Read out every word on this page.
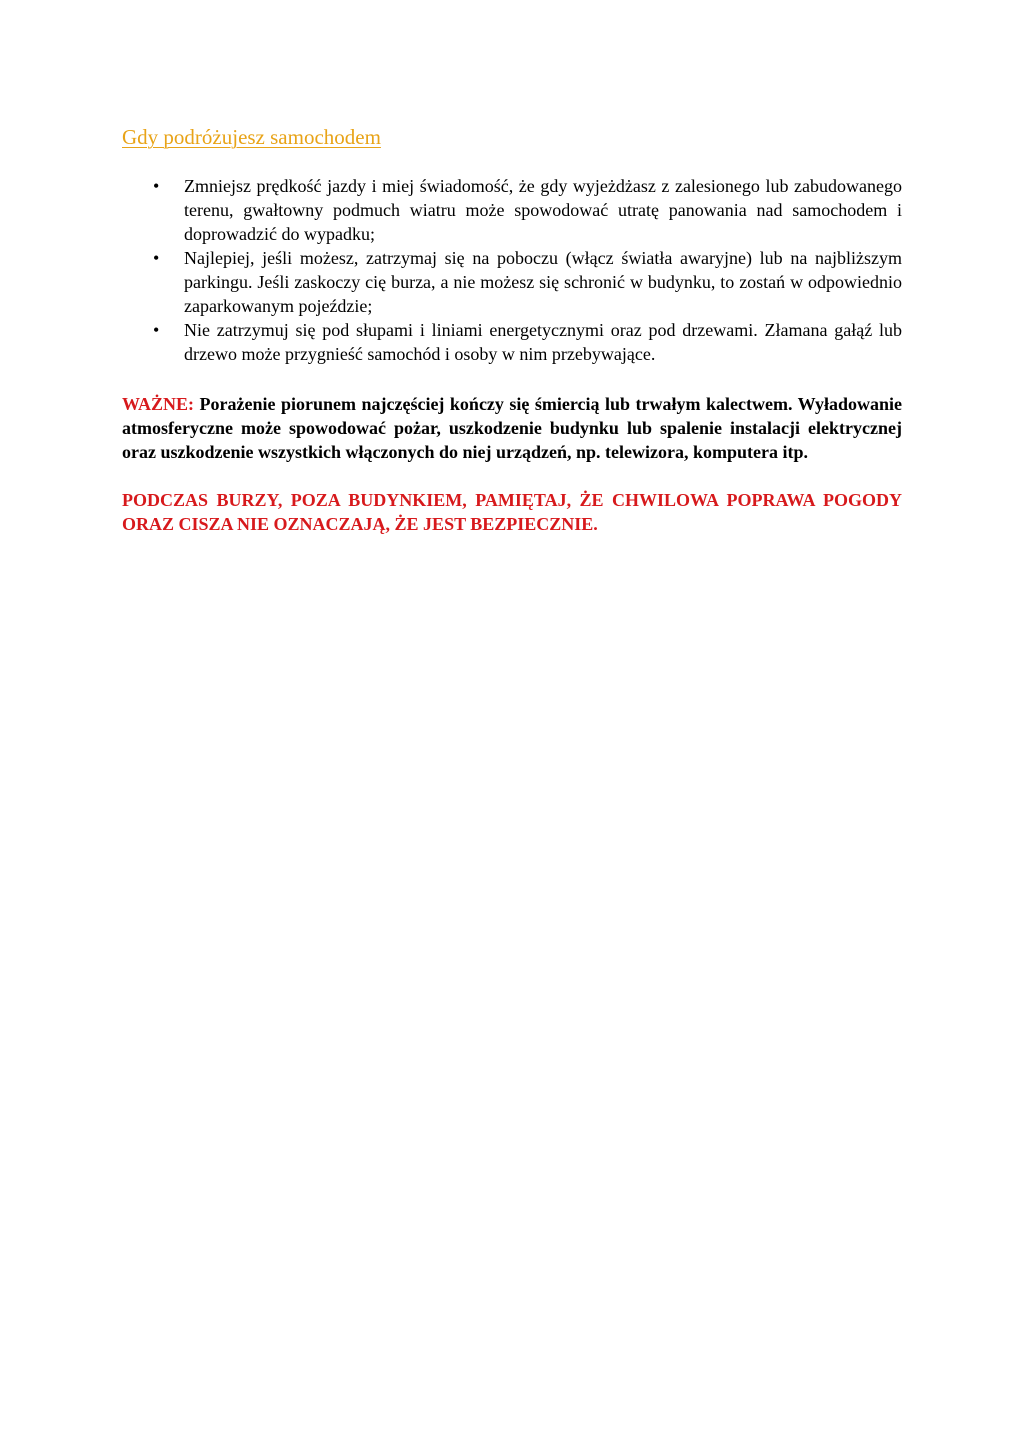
Gdy podróżujesz samochodem
• Zmniejsz prędkość jazdy i miej świadomość, że gdy wyjeżdżasz z zalesionego lub zabudowanego terenu, gwałtowny podmuch wiatru może spowodować utratę panowania nad samochodem i doprowadzić do wypadku;
• Najlepiej, jeśli możesz, zatrzymaj się na poboczu (włącz światła awaryjne) lub na najbliższym parkingu. Jeśli zaskoczy cię burza, a nie możesz się schronić w budynku, to zostań w odpowiednio zaparkowanym pojeździe;
• Nie zatrzymuj się pod słupami i liniami energetycznymi oraz pod drzewami. Złamana gałąź lub drzewo może przygnieść samochód i osoby w nim przebywające.

WAŻNE: Porażenie piorunem najczęściej kończy się śmiercią lub trwałym kalectwem. Wyładowanie atmosferyczne może spowodować pożar, uszkodzenie budynku lub spalenie instalacji elektrycznej oraz uszkodzenie wszystkich włączonych do niej urządzeń, np. telewizora, komputera itp.

PODCZAS BURZY, POZA BUDYNKIEM, PAMIĘTAJ, ŻE CHWILOWA POPRAWA POGODY ORAZ CISZA NIE OZNACZAJĄ, ŻE JEST BEZPIECZNIE.
